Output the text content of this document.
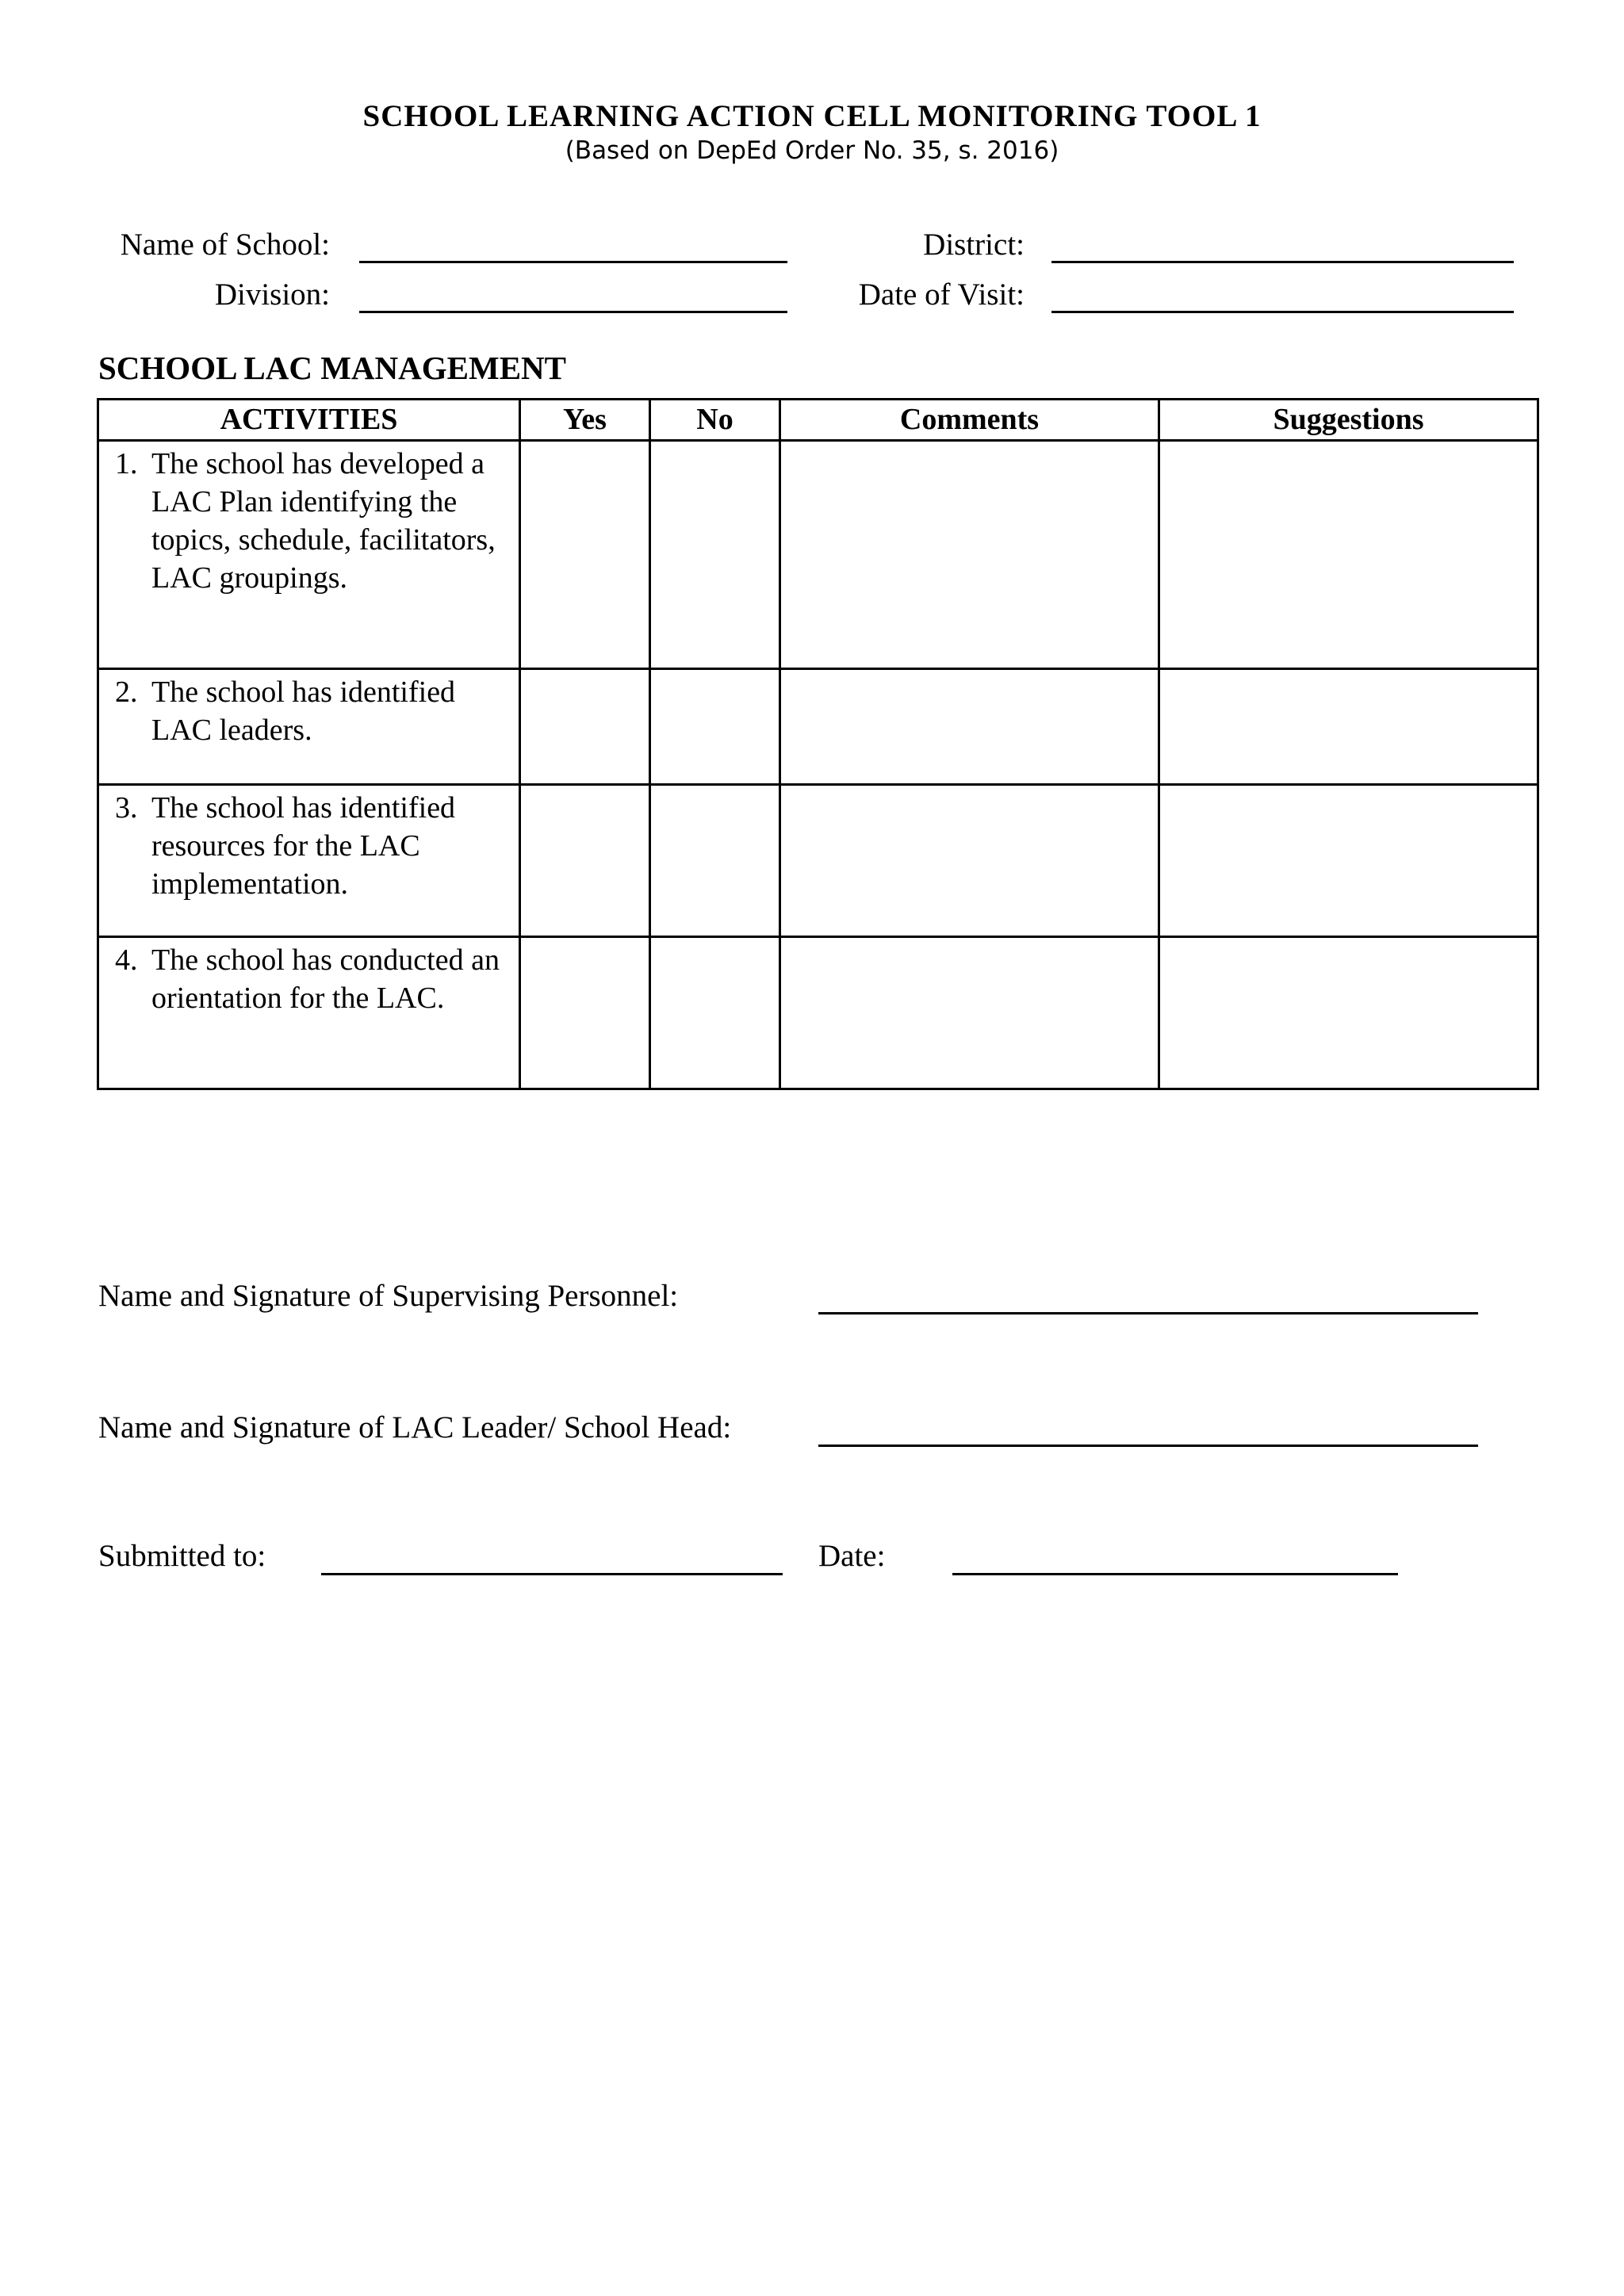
SCHOOL LEARNING ACTION CELL MONITORING TOOL 1
(Based on DepEd Order No. 35, s. 2016)
Name of School:	District:
Division:	Date of Visit:
SCHOOL LAC MANAGEMENT
ACTIVITIES	Yes	No	Comments	Suggestions

1. The school has developed a LAC Plan identifying the topics, schedule, facilitators, LAC groupings.				

2. The school has identified LAC leaders.				

3. The school has identified resources for the LAC implementation.				

4. The school has conducted an orientation for the LAC.				

Name and Signature of Supervising Personnel:
Name and Signature of LAC Leader/ School Head:
Submitted to:	Date:
